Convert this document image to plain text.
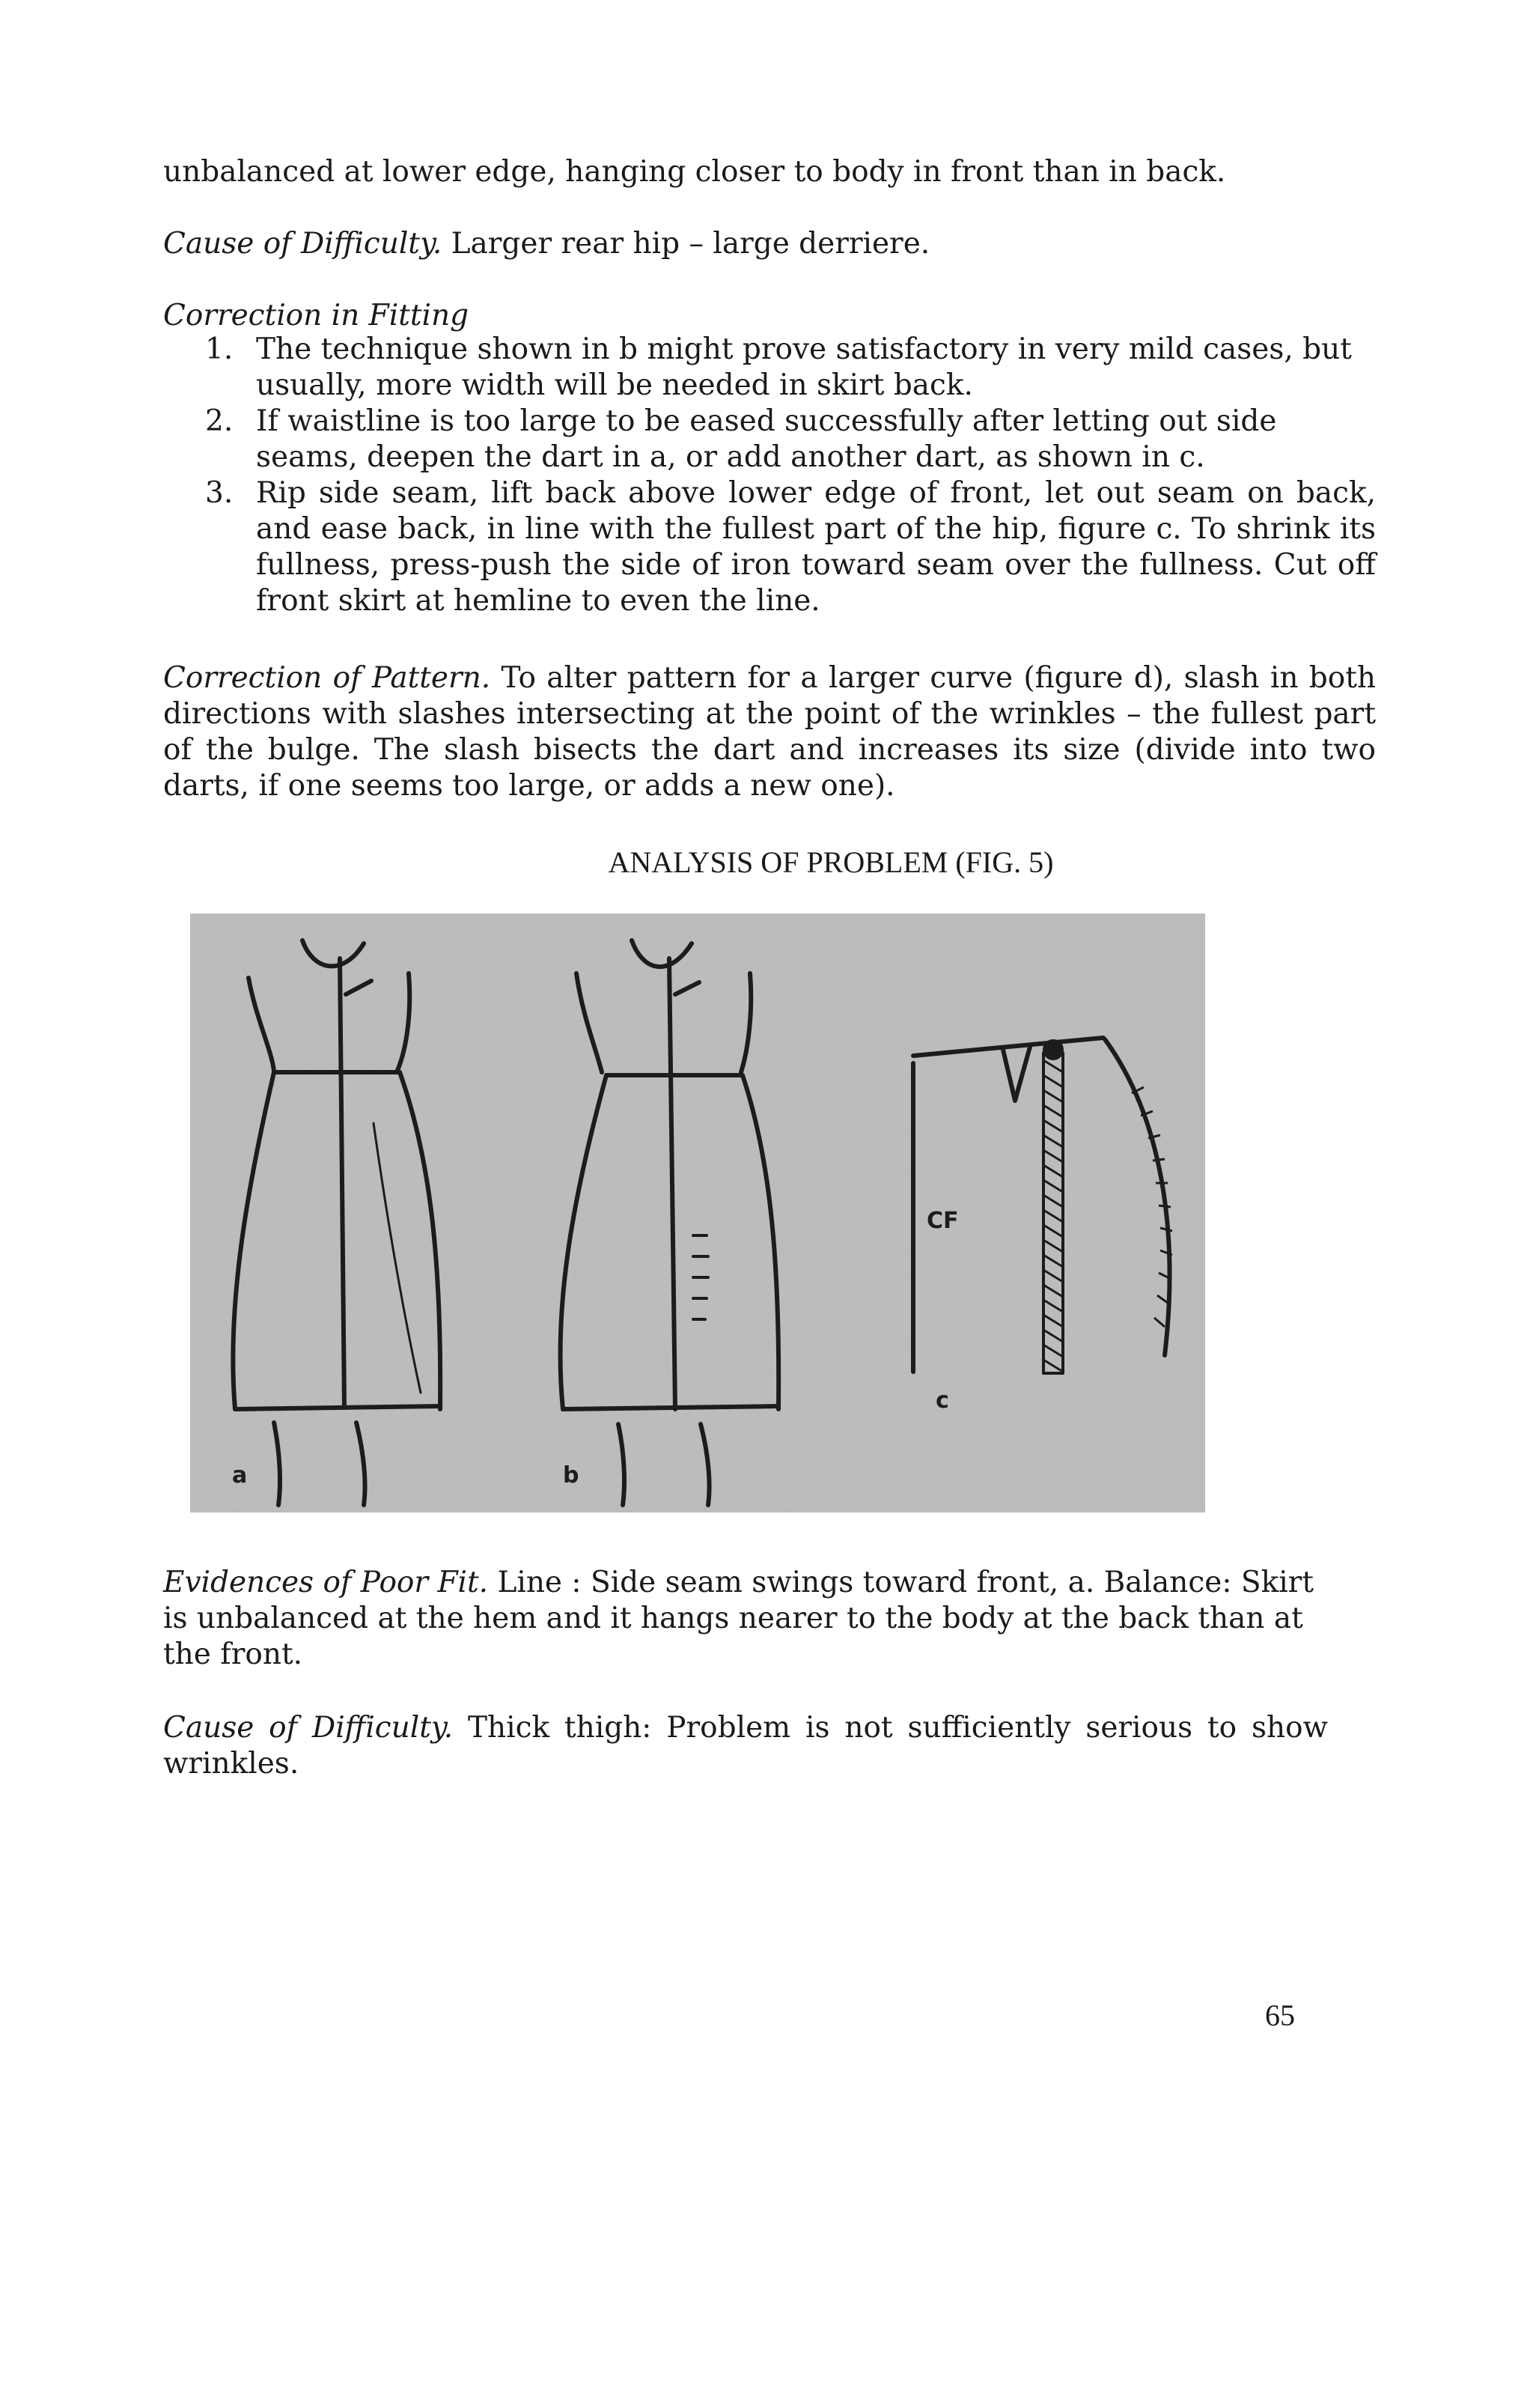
unbalanced at lower edge, hanging closer to body in front than in back.

Cause of Difficulty. Larger rear hip – large derriere.

Correction in Fitting

1. The technique shown in b might prove satisfactory in very mild cases, but usually, more width will be needed in skirt back.
2. If waistline is too large to be eased successfully after letting out side seams, deepen the dart in a, or add another dart, as shown in c.
3. Rip side seam, lift back above lower edge of front, let out seam on back, and ease back, in line with the fullest part of the hip, figure c. To shrink its fullness, press-push the side of iron toward seam over the fullness. Cut off front skirt at hemline to even the line.

Correction of Pattern. To alter pattern for a larger curve (figure d), slash in both directions with slashes intersecting at the point of the wrinkles – the fullest part of the bulge. The slash bisects the dart and increases its size (divide into two darts, if one seems too large, or adds a new one).

ANALYSIS OF PROBLEM (FIG. 5)
a	b
CF
c

Evidences of Poor Fit. Line : Side seam swings toward front, a. Balance: Skirt is unbalanced at the hem and it hangs nearer to the body at the back than at the front.

Cause of Difficulty. Thick thigh: Problem is not sufficiently serious to show wrinkles.

65
